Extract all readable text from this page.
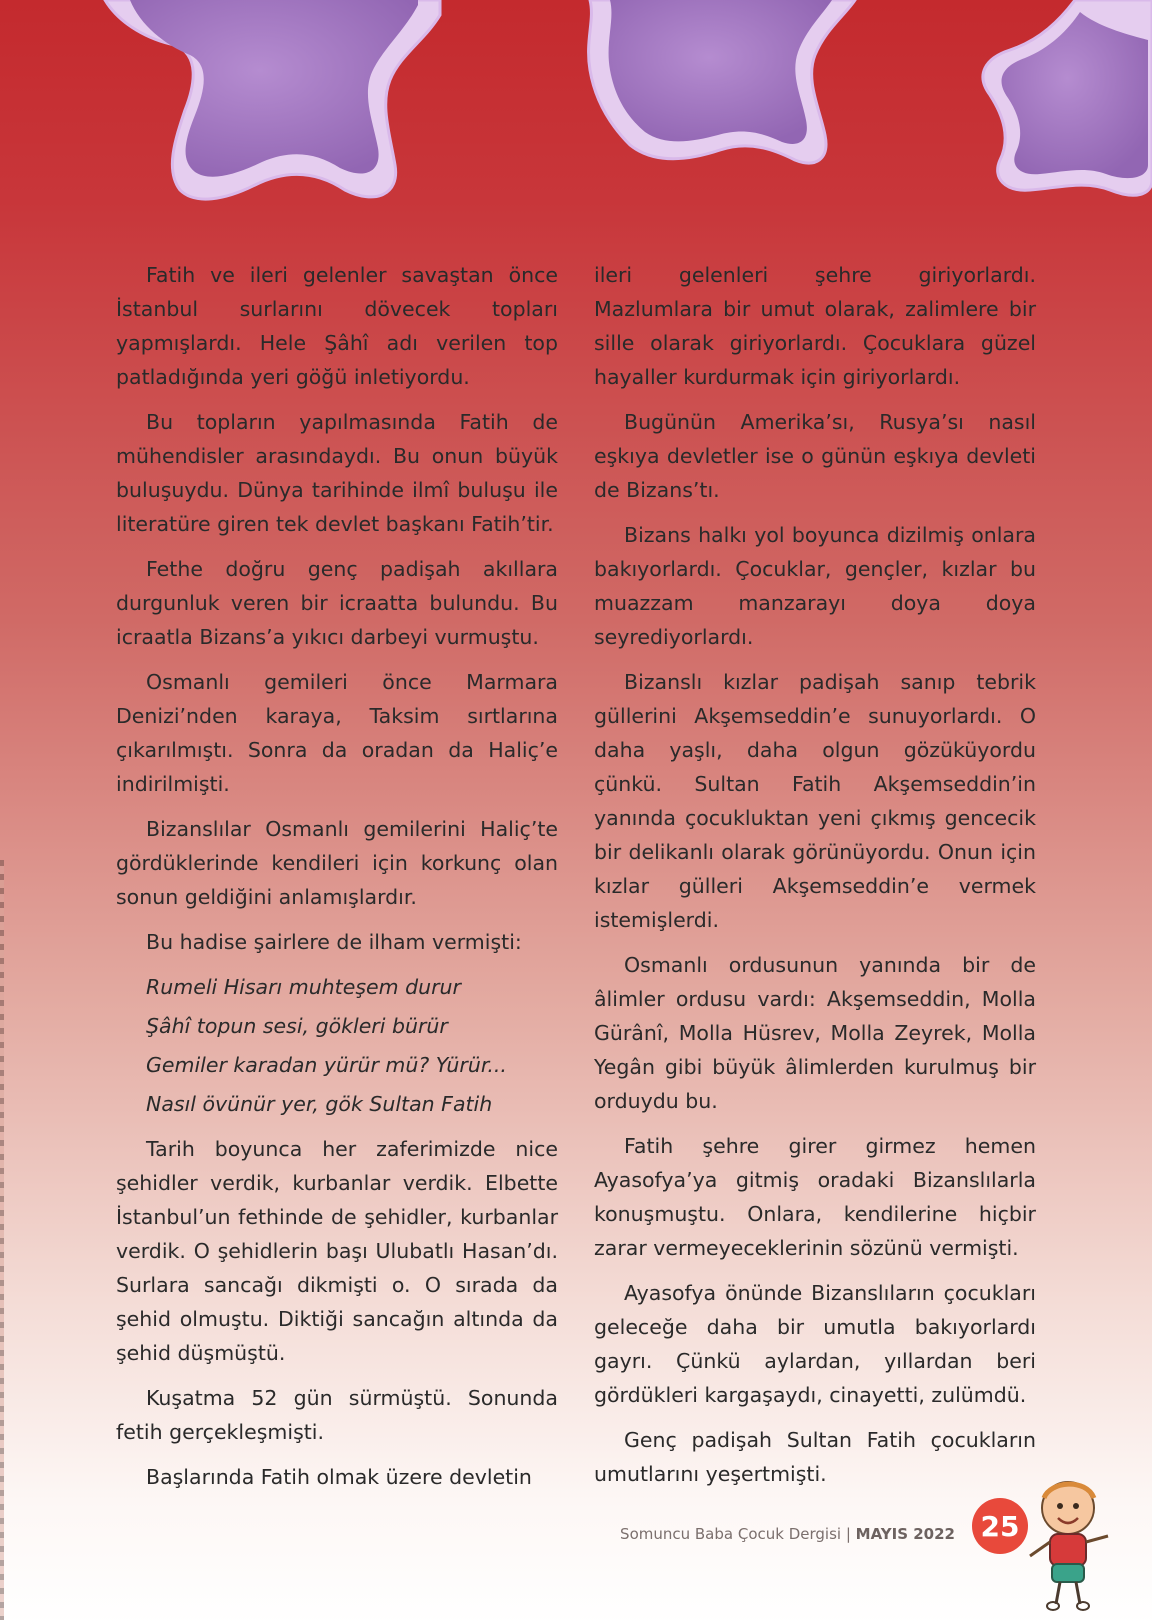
Fatih ve ileri gelenler savaştan önce İstanbul surlarını dövecek topları yapmışlardı. Hele Şâhî adı verilen top patladığında yeri göğü inletiyordu.

Bu topların yapılmasında Fatih de mühendisler arasındaydı. Bu onun büyük buluşuydu. Dünya tarihinde ilmî buluşu ile literatüre giren tek devlet başkanı Fatih’tir.

Fethe doğru genç padişah akıllara durgunluk veren bir icraatta bulundu. Bu icraatla Bizans’a yıkıcı darbeyi vurmuştu.

Osmanlı gemileri önce Marmara Denizi’nden karaya, Taksim sırtlarına çıkarılmıştı. Sonra da oradan da Haliç’e indirilmişti.

Bizanslılar Osmanlı gemilerini Haliç’te gördüklerinde kendileri için korkunç olan sonun geldiğini anlamışlardır.

Bu hadise şairlere de ilham vermişti:

Rumeli Hisarı muhteşem durur

Şâhî topun sesi, gökleri bürür

Gemiler karadan yürür mü? Yürür...

Nasıl övünür yer, gök Sultan Fatih

Tarih boyunca her zaferimizde nice şehidler verdik, kurbanlar verdik. Elbette İstanbul’un fethinde de şehidler, kurbanlar verdik. O şehidlerin başı Ulubatlı Hasan’dı. Surlara sancağı dikmişti o. O sırada da şehid olmuştu. Diktiği sancağın altında da şehid düşmüştü.

Kuşatma 52 gün sürmüştü. Sonunda fetih gerçekleşmişti.

Başlarında Fatih olmak üzere devletin

ileri gelenleri şehre giriyorlardı. Mazlumlara bir umut olarak, zalimlere bir sille olarak giriyorlardı. Çocuklara güzel hayaller kurdurmak için giriyorlardı.

Bugünün Amerika’sı, Rusya’sı nasıl eşkıya devletler ise o günün eşkıya devleti de Bizans’tı.

Bizans halkı yol boyunca dizilmiş onlara bakıyorlardı. Çocuklar, gençler, kızlar bu muazzam manzarayı doya doya seyrediyorlardı.

Bizanslı kızlar padişah sanıp tebrik güllerini Akşemseddin’e sunuyorlardı. O daha yaşlı, daha olgun gözüküyordu çünkü. Sultan Fatih Akşemseddin’in yanında çocukluktan yeni çıkmış gencecik bir delikanlı olarak görünüyordu. Onun için kızlar gülleri Akşemseddin’e vermek istemişlerdi.

Osmanlı ordusunun yanında bir de âlimler ordusu vardı: Akşemseddin, Molla Gürânî, Molla Hüsrev, Molla Zeyrek, Molla Yegân gibi büyük âlimlerden kurulmuş bir orduydu bu.

Fatih şehre girer girmez hemen Ayasofya’ya gitmiş oradaki Bizanslılarla konuşmuştu. Onlara, kendilerine hiçbir zarar vermeyeceklerinin sözünü vermişti.

Ayasofya önünde Bizanslıların çocukları geleceğe daha bir umutla bakıyorlardı gayrı. Çünkü aylardan, yıllardan beri gördükleri kargaşaydı, cinayetti, zulümdü.

Genç padişah Sultan Fatih çocukların umutlarını yeşertmişti.

Somuncu Baba Çocuk Dergisi | MAYIS 2022 25
